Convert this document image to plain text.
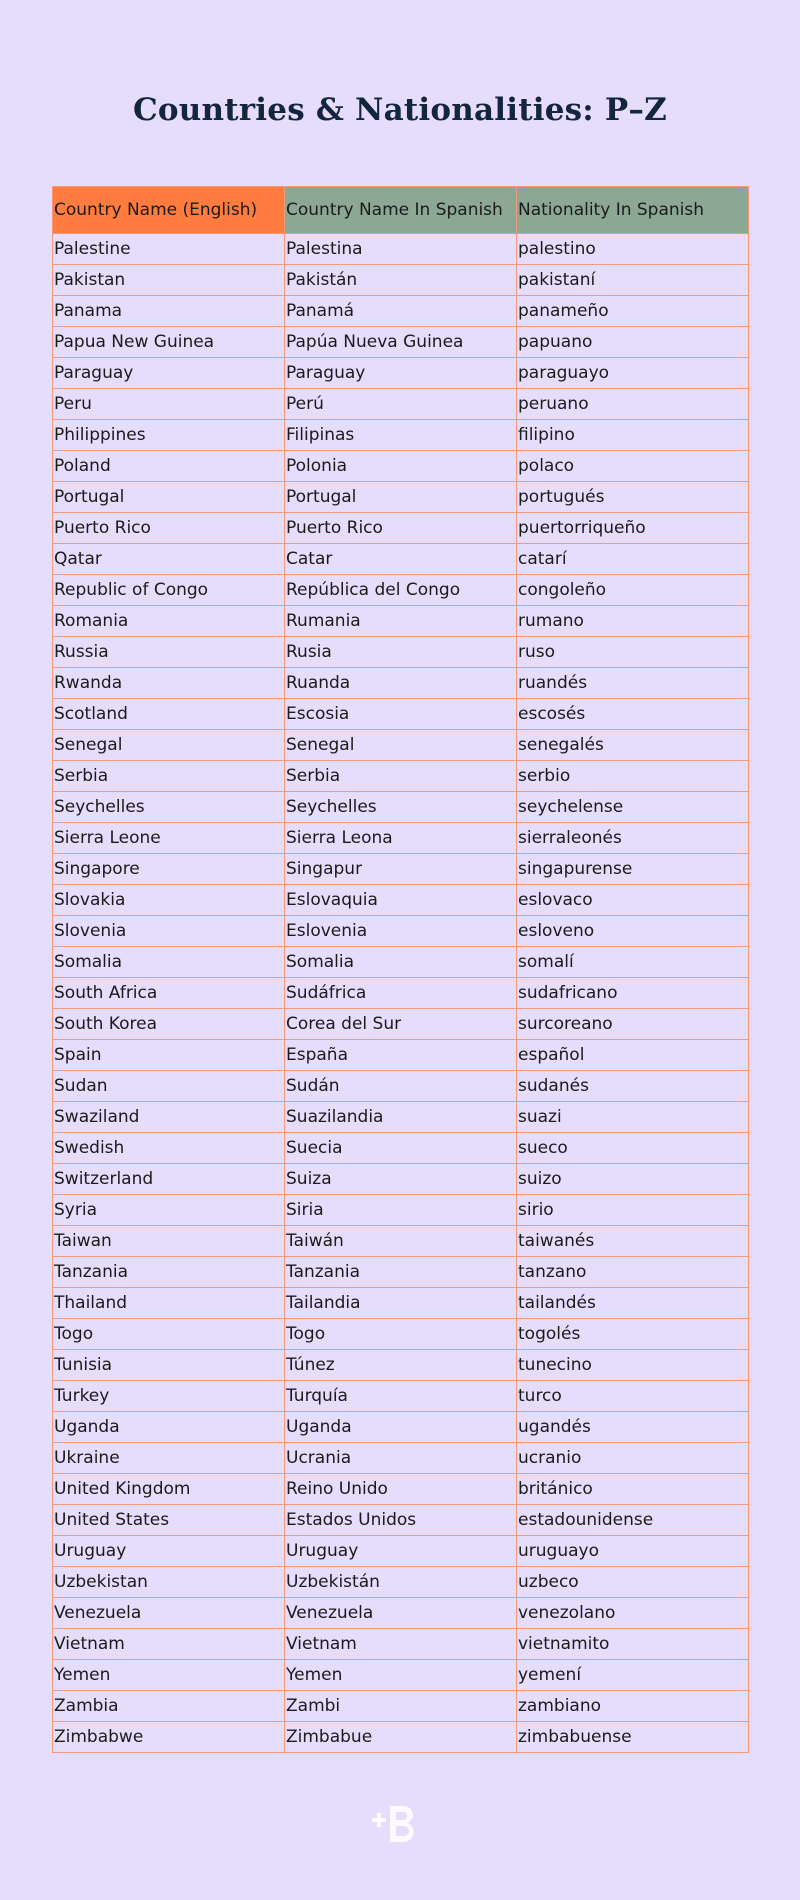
Countries & Nationalities: P–Z
Country Name (English)	Country Name In Spanish	Nationality In Spanish
Palestine	Palestina	palestino
Pakistan	Pakistán	pakistaní
Panama	Panamá	panameño
Papua New Guinea	Papúa Nueva Guinea	papuano
Paraguay	Paraguay	paraguayo
Peru	Perú	peruano
Philippines	Filipinas	filipino
Poland	Polonia	polaco
Portugal	Portugal	portugués
Puerto Rico	Puerto Rico	puertorriqueño
Qatar	Catar	catarí
Republic of Congo	República del Congo	congoleño
Romania	Rumania	rumano
Russia	Rusia	ruso
Rwanda	Ruanda	ruandés
Scotland	Escosia	escosés
Senegal	Senegal	senegalés
Serbia	Serbia	serbio
Seychelles	Seychelles	seychelense
Sierra Leone	Sierra Leona	sierraleonés
Singapore	Singapur	singapurense
Slovakia	Eslovaquia	eslovaco
Slovenia	Eslovenia	esloveno
Somalia	Somalia	somalí
South Africa	Sudáfrica	sudafricano
South Korea	Corea del Sur	surcoreano
Spain	España	español
Sudan	Sudán	sudanés
Swaziland	Suazilandia	suazi
Swedish	Suecia	sueco
Switzerland	Suiza	suizo
Syria	Siria	sirio
Taiwan	Taiwán	taiwanés
Tanzania	Tanzania	tanzano
Thailand	Tailandia	tailandés
Togo	Togo	togolés
Tunisia	Túnez	tunecino
Turkey	Turquía	turco
Uganda	Uganda	ugandés
Ukraine	Ucrania	ucranio
United Kingdom	Reino Unido	británico
United States	Estados Unidos	estadounidense
Uruguay	Uruguay	uruguayo
Uzbekistan	Uzbekistán	uzbeco
Venezuela	Venezuela	venezolano
Vietnam	Vietnam	vietnamito
Yemen	Yemen	yemení
Zambia	Zambi	zambiano
Zimbabwe	Zimbabue	zimbabuense
